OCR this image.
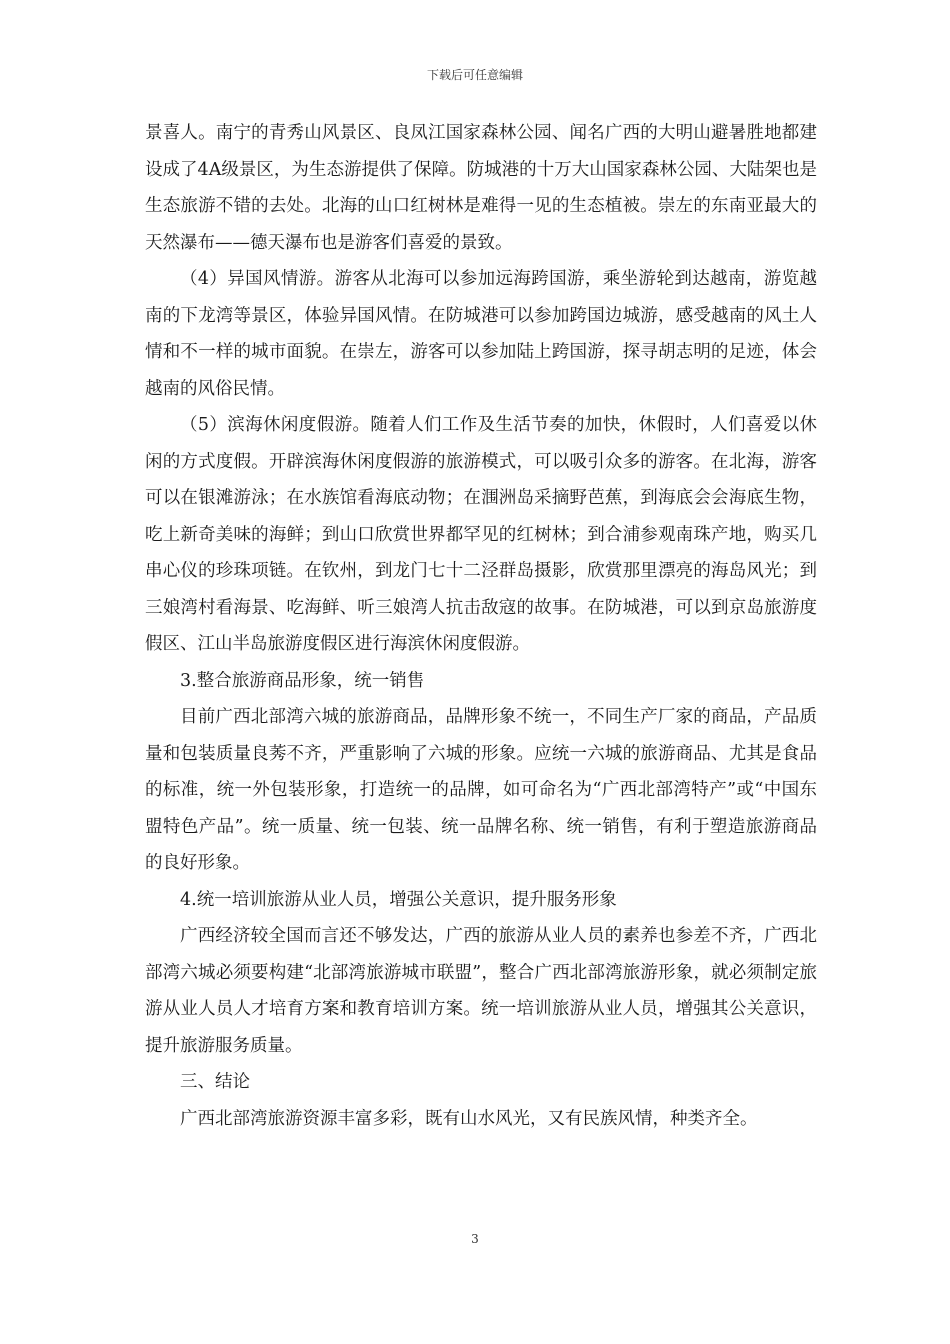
下载后可任意编辑

景喜人。南宁的青秀山风景区、良凤江国家森林公园、闻名广西的大明山避暑胜地都建设成了4A级景区，为生态游提供了保障。防城港的十万大山国家森林公园、大陆架也是生态旅游不错的去处。北海的山口红树林是难得一见的生态植被。崇左的东南亚最大的天然瀑布——德天瀑布也是游客们喜爱的景致。

（4）异国风情游。游客从北海可以参加远海跨国游，乘坐游轮到达越南，游览越南的下龙湾等景区，体验异国风情。在防城港可以参加跨国边城游，感受越南的风土人情和不一样的城市面貌。在崇左，游客可以参加陆上跨国游，探寻胡志明的足迹，体会越南的风俗民情。

（5）滨海休闲度假游。随着人们工作及生活节奏的加快，休假时，人们喜爱以休闲的方式度假。开辟滨海休闲度假游的旅游模式，可以吸引众多的游客。在北海，游客可以在银滩游泳；在水族馆看海底动物；在涠洲岛采摘野芭蕉，到海底会会海底生物，吃上新奇美味的海鲜；到山口欣赏世界都罕见的红树林；到合浦参观南珠产地，购买几串心仪的珍珠项链。在钦州，到龙门七十二泾群岛摄影，欣赏那里漂亮的海岛风光；到三娘湾村看海景、吃海鲜、听三娘湾人抗击敌寇的故事。在防城港，可以到京岛旅游度假区、江山半岛旅游度假区进行海滨休闲度假游。

3.整合旅游商品形象，统一销售

目前广西北部湾六城的旅游商品，品牌形象不统一，不同生产厂家的商品，产品质量和包装质量良莠不齐，严重影响了六城的形象。应统一六城的旅游商品、尤其是食品的标准，统一外包装形象，打造统一的品牌，如可命名为“广西北部湾特产”或“中国东盟特色产品”。统一质量、统一包装、统一品牌名称、统一销售，有利于塑造旅游商品的良好形象。

4.统一培训旅游从业人员，增强公关意识，提升服务形象

广西经济较全国而言还不够发达，广西的旅游从业人员的素养也参差不齐，广西北部湾六城必须要构建“北部湾旅游城市联盟”，整合广西北部湾旅游形象，就必须制定旅游从业人员人才培育方案和教育培训方案。统一培训旅游从业人员，增强其公关意识，提升旅游服务质量。

三、结论

广西北部湾旅游资源丰富多彩，既有山水风光，又有民族风情，种类齐全。

3
